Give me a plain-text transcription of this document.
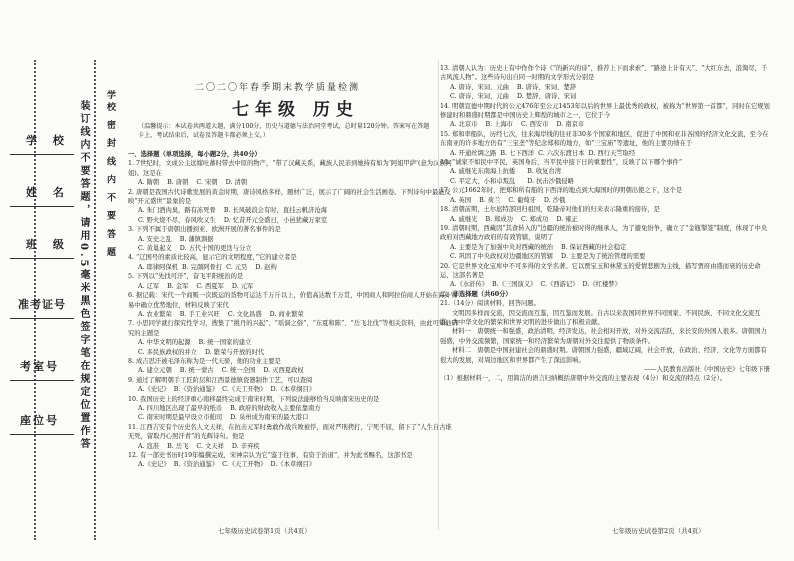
装订线内不要答题，请用0.5毫米黑色签字笔在规定位置作答 学校 密 封 线 内 不 要 答 题
学 校
姓 名
班 级
准考证号
考室号
座位号
二〇二〇年春季期末教学质量检测
七年级 历史
（温馨提示：本试卷共两道大题，满分100分，历史与道德与法治同堂考试，总时量120分钟。答案写在答题卡上，考试结束后，试卷及答题卡都必须上交。）

一、选择题（单项选择，每小题2分，共40分）

1. 7世纪时，文成公主远嫁吐蕃时带去中原的物产，“带了汉藏关系，藏族人民亲到她持有如为‘阿姐甲萨’(意为汉族阿姐)。这是在

A. 隋朝    B. 唐朝    C. 宋朝    D. 清朝

2. 唐朝是我国古代诗歌发展的黄金时期，唐诗风格多样，题材广泛，展示了广阔的社会生活画卷。下列诗句中最能反映“开元盛世”景象的是

A. 朱门酒肉臭，路有冻死骨    B. 长风破浪会有时，直挂云帆济沧海
C. 野火烧不尽，春风吹又生    D. 忆昔开元全盛日，小邑犹藏万家室

3. 下列不属于唐朝出播到亚、欧洲开展的著名事件的是

A. 安史之乱    B. 藩镇割据
C. 黄巢起义    D. 五代十国的更迭与分立

4. “辽国号的素质比较高，显示它的文明程度，”它的建立者是

A. 耶律阿保机  B. 完颜阿骨打  C. 元昊    D. 赵构

5. 下列以“先找可汗”，奋飞平阳统治的是

A. 辽军    B. 金军    C. 西夏军    D. 元军

6. 据记载：宋代一个商贩一次既运的货物可运达千万斤以上，价值高达数千万贯，中国商人和阿拉伯商人开始在海外贸易中确立优势地位，材料反映了宋代

A. 农业繁荣    B. 手工业兴旺    C. 文化昌盛    D. 商业繁荣

7. 小思同学就行探究性学习，搜集了“挑丹的兴起”、“瑶洞之俗”、“东夏和陈”、“岳飞北伐”等相关资料，由此可知他研究的主题是

A. 中华文明的起源    B. 统一国家的建立
C. 多民族政权的并立    D. 繁荣与开放的时代

8. 成吉思汗被毛泽东称为是一代天骄，他的功业主要是

A. 建立元朝    B. 统一蒙古    C. 统一全国    D. 灭西夏政权

9. 通过了解明朝手工匠阶层和江西景德镇瓷器制作工艺，可以查阅

A.《史记》  B.《资治通鉴》  C.《天工开物》  D.《本草纲目》

10. 我国历史上的经济重心南移最终完成于南宋时期，下列说法能够恰当反映南宋历史的是

A. 四川地区出现了最早的纸币    B. 政府的财政收入主要依靠南方
C. 南宋时期是最早设立市舶司    D. 泉州成为南宋的最大港口

11. 江西吉安有个历史名人文天祥，在抗击元军时勇敢作战兵败被俘，面对严刑拷打，宁死不屈，留下了“人生自古谁无死，留取丹心照汗青”的光辉诗句。他是

A. 寇准    B. 岳飞    C. 文天祥    D. 辛弃疾

12. 有一部史书历时19年编撰完成，宋神宗认为它“鉴于往事，有资于治道”，并为此书赐名，这部书是

A.《史记》  B.《资治通鉴》  C.《天工开物》  D.《本草纲目》

13. 清朝人认为：历史上有中作作个诗《“的新兴的诗”，推荐上下而求索”、“路途上计有天”、“大红东去，浪淘尽，千古风流人物”。这些诗句出自同一时期的文学形式分别是

A. 唐诗、宋词、元曲    B. 唐诗、宋词、楚辞
C. 唐诗、宋词、元曲    D. 楚辞、唐诗、宋词

14. 明朝宣德中期时代的公元476年至公元1453年以后的世界上最优秀的政权，被称为“世界第一首都”，同时在它规划修建时和鼎盛时期都是中国历史上辉煌的城市之一，它位于今

A. 北京市    B. 上海市    C. 西安市    D. 南京市

15. 郑和率船队，历经七次，往来海岸线的往亚非30多个国家和地区，促进了中国和亚非各国的经济文化交流，至今在东南亚的许多地方仍有“三宝垄”等纪念郑和的地方，如“三宝庙”等遗址，他的主要功绩在于

A. 开通丝绸之路  B. 七下西洋  C. 六次东渡日本  D. 西行天竺取经

16. “诚家不如民中平民，英国身后，当平民中接下日的重要性”，反映了以下哪个事件”

A. 戚继光东南海上抗倭      B. 收复台湾
C. 平定大、小和卓叛乱      D. 抗击沙俄侵略

17. 公元1662年时，把郑和所有船的下西洋的地点到大海国时的明朝出使之下，这个是

A. 英国    B. 荷兰    C. 葡萄牙    D. 沙俄

18. 清朝前期，土尔扈特部回归祖国，乾隆帝对他们的归来表示隆重的接待，是

A. 戚继光    B. 郑成功    C. 郑成功    D. 雍正

19. 清朝时期，西藏因“其食转入的”边疆的统治被时得的继承人，为了避免纷争，确立了“金瓶掣签”制度，体现了中央政府对西藏地方政府的有效管辖，说明了

A. 主要是为了加强中央对西藏的统治    B. 保证西藏的社会稳定
C. 巩固了中央政权对边疆地区的管辖    D. 主要是为了统治管理的需要

20. 它是世界文化宝库中不可多得的文学名著。它以贾宝玉和林黛玉的爱情悲剧为主线，描写贾府由盛而衰的历史命运，这部名著是

A.《水浒传》  B.《三国演义》  C.《西游记》  D.《红楼梦》

二、非选择题（共60分）

21.（14分）阅读材料，回答问题。

文明因多样而交流，因交流而互鉴，因互鉴而发展。自古以来我国同世界不同国家、不同民族、不同文化交流互鉴，为中华文化的繁荣和世界文明的进步做出了积极贡献。

材料一　唐朝统一和强盛，政治清明，经济发达，社会相对开放，对外交流活跃，来长安的外国人很多。唐朝国力强盛，中外交流频繁，国家统一和经济繁荣为唐朝对外交往提供了物质条件。

材料二　唐朝是中国封建社会的鼎盛时期。唐朝国力强盛，疆域辽阔，社会开放，在政治、经济、文化等方面都有很大的发展，对周边地区和世界都产生了深远影响。

——人民教育出版社《中国历史》七年级下册

（1）根据材料一，二，用简洁的语言归纳概括唐朝中外交流的主要表现（4分）和交流的特点（2分）。

七年级历史试卷第1页（共4页）	七年级历史试卷第2页（共4页）
